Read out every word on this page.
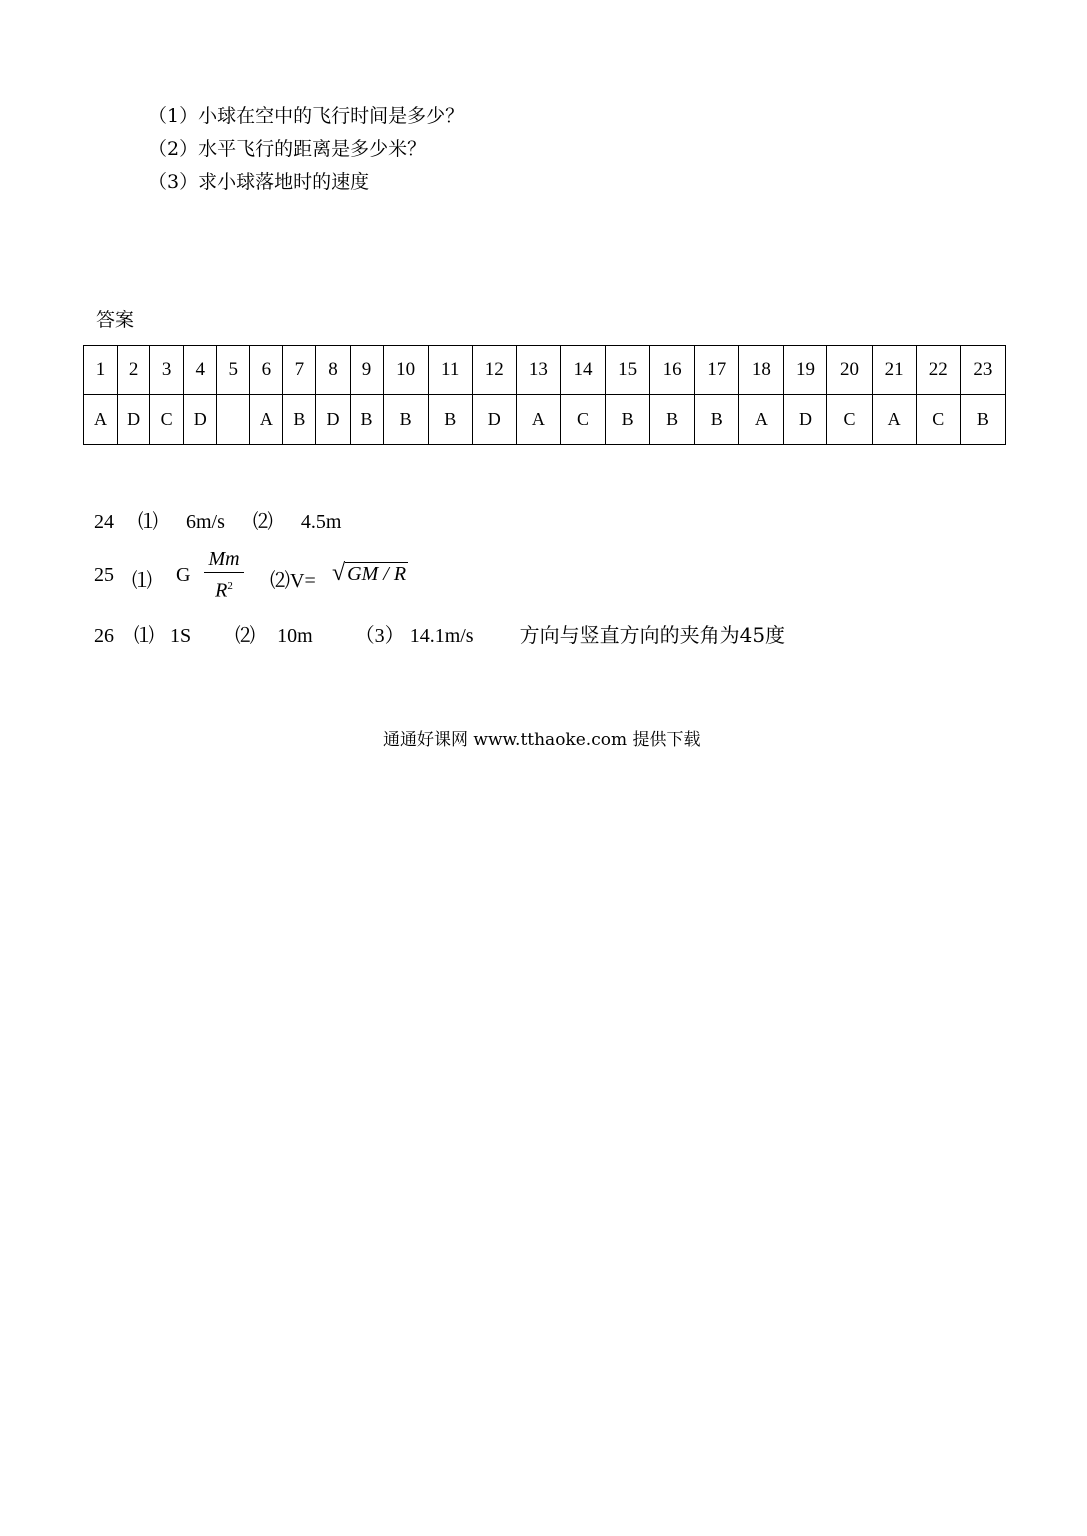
（1）小球在空中的飞行时间是多少？
（2）水平飞行的距离是多少米？
（3）求小球落地时的速度
答案
1	2	3	4	5	6	7	8	9	10	11	12	13	14	15	16	17	18	19	20	21	22	23
A	D	C	D		A	B	D	B	B	B	D	A	C	B	B	B	A	D	C	A	C	B
24 ⑴ 6m/s ⑵ 4.5m
25 ⑴ G
Mm
$R^2$	⑵V= √ GM / R
26 ⑴ 1S ⑵ 10m （3） 14.1m/s 方向与竖直方向的夹角为45度
通通好课网 www.tthaoke.com 提供下载
